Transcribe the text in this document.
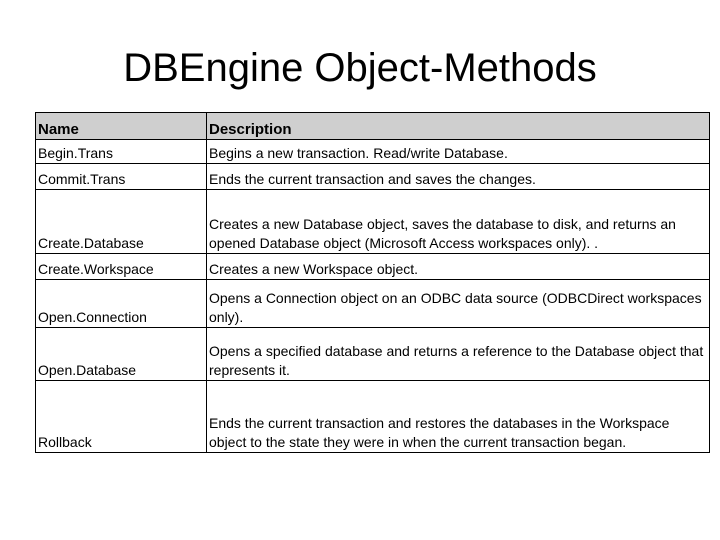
DBEngine Object-Methods
Name	Description
Begin.Trans	Begins a new transaction. Read/write Database.
Commit.Trans	Ends the current transaction and saves the changes.
Create.Database	Creates a new Database object, saves the database to disk, and returns an opened Database object (Microsoft Access workspaces only). .
Create.Workspace	Creates a new Workspace object.
Open.Connection	Opens a Connection object on an ODBC data source (ODBCDirect workspaces only).
Open.Database	Opens a specified database and returns a reference to the Database object that represents it.
Rollback	Ends the current transaction and restores the databases in the Workspace object to the state they were in when the current transaction began.
